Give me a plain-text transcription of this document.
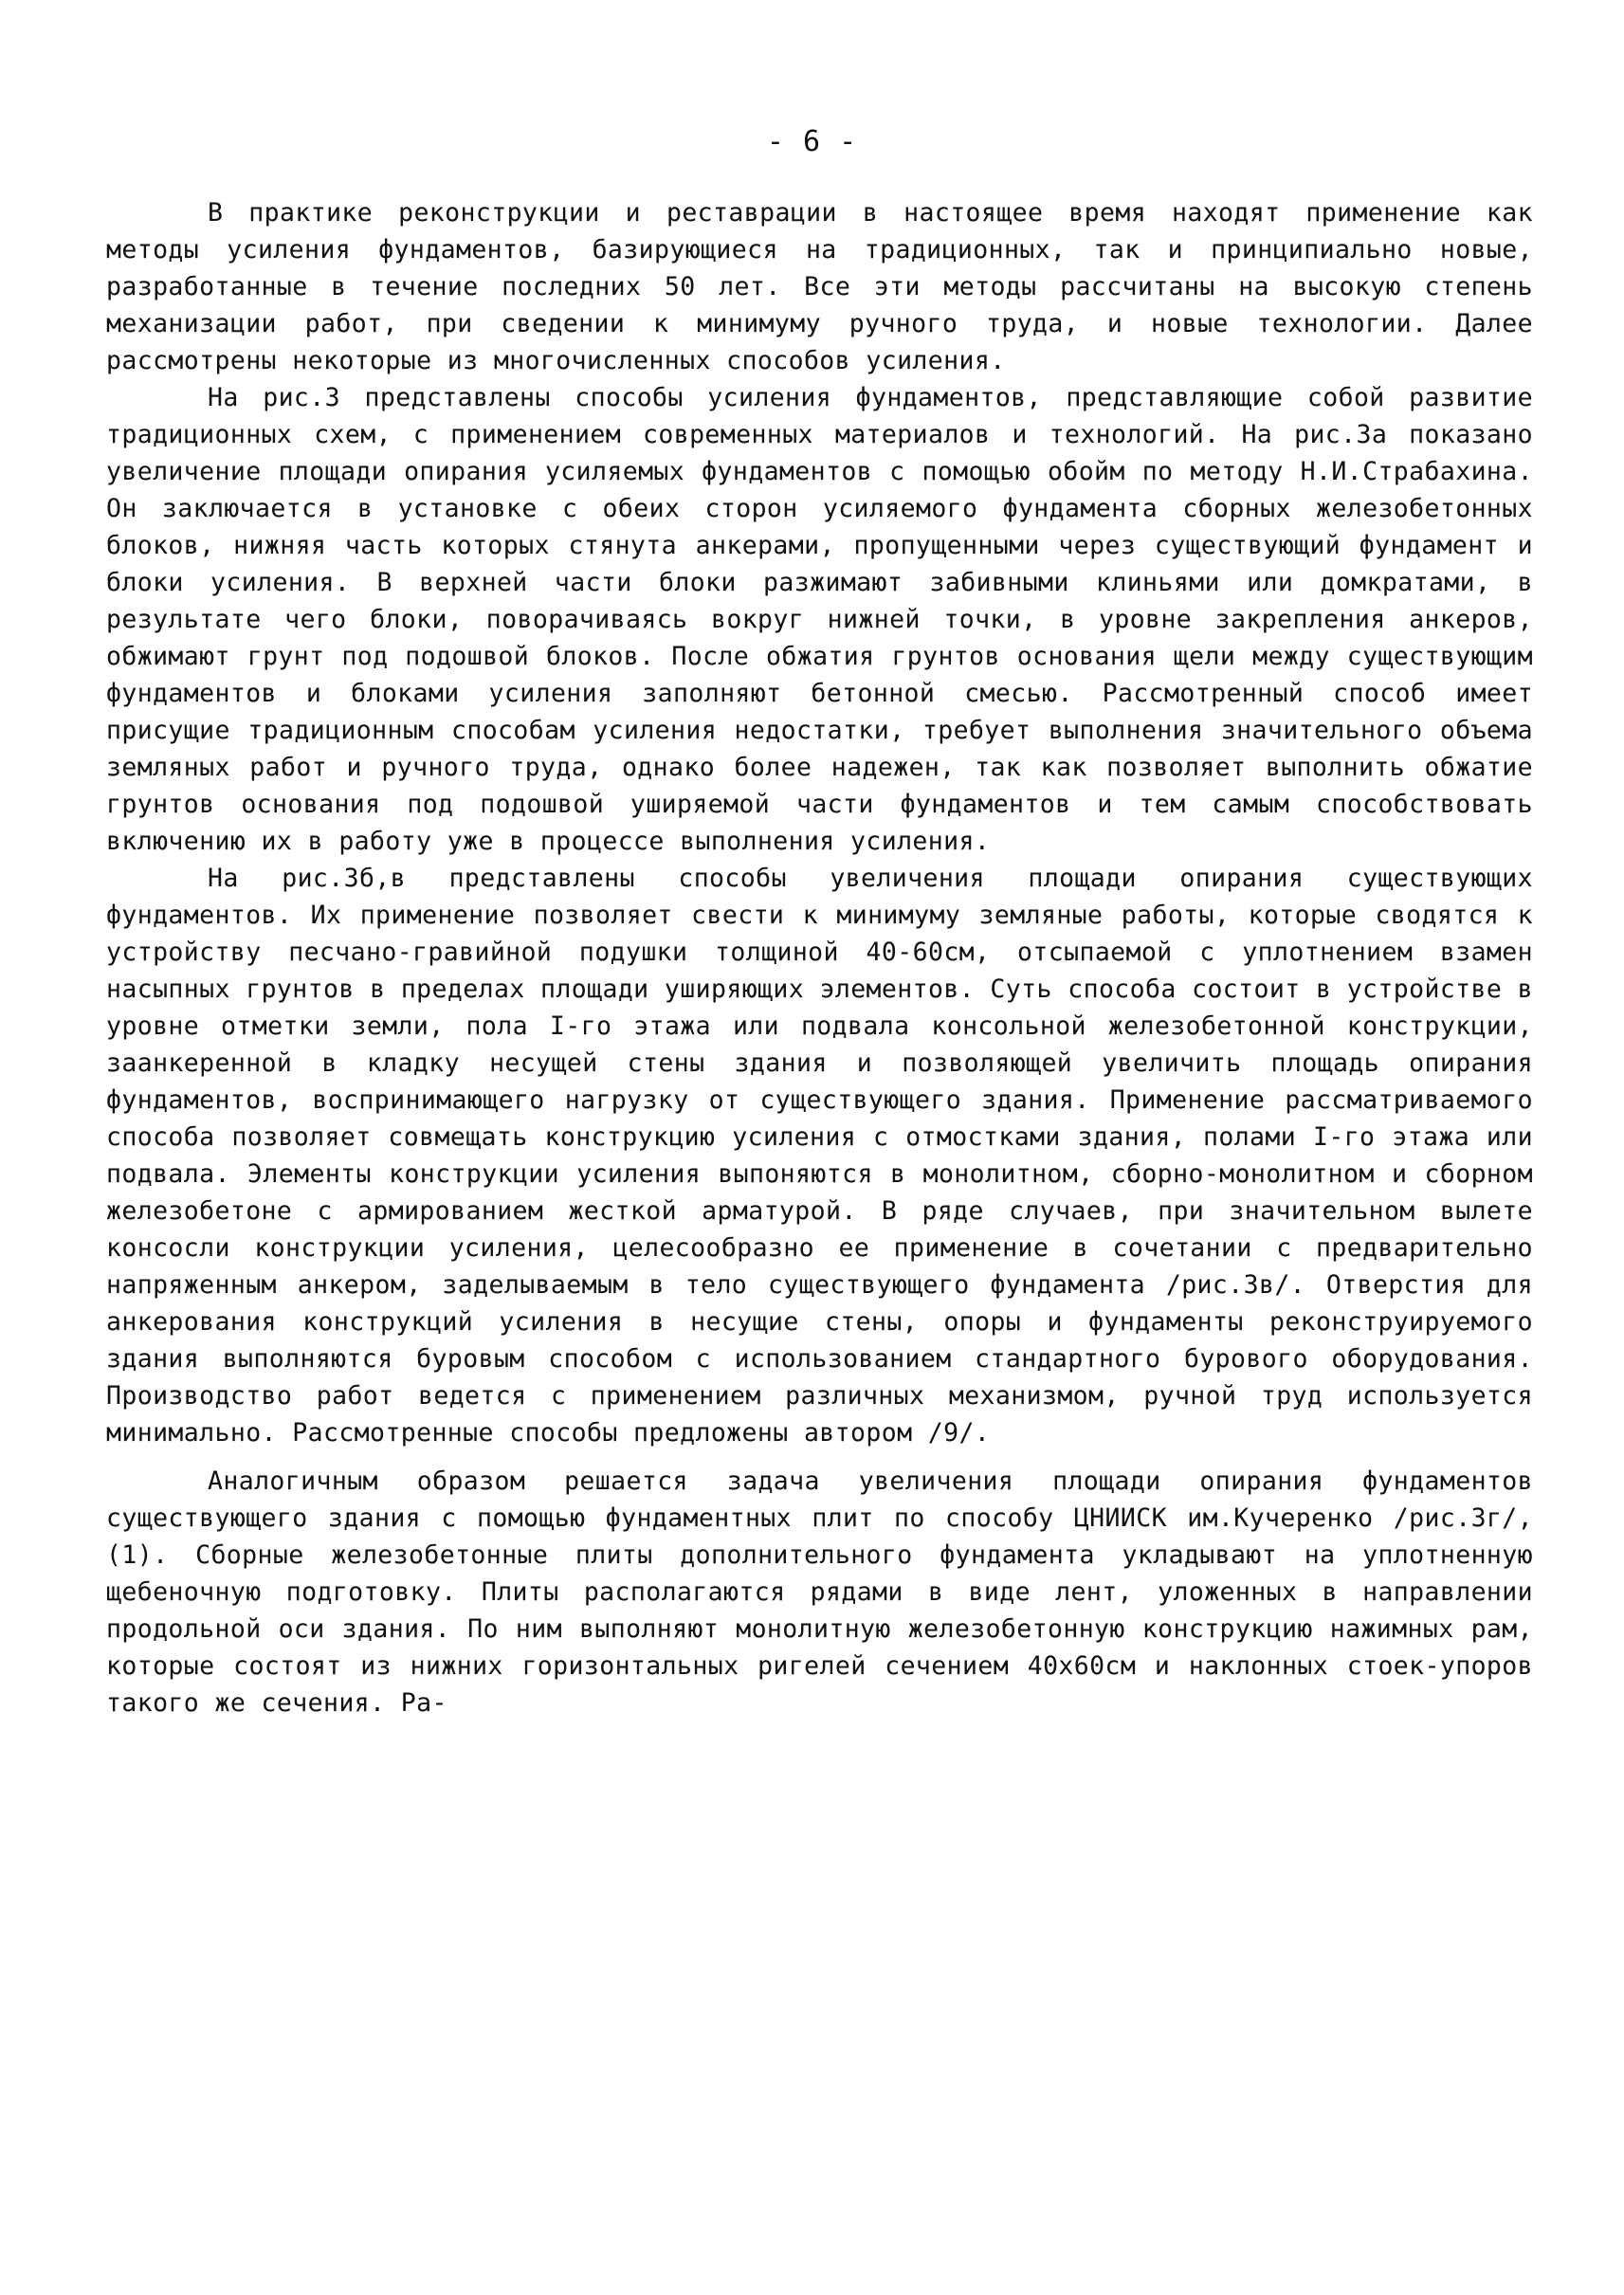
- 6 -

В практике реконструкции и реставрации в настоящее время находят применение как методы усиления фундаментов, базирующиеся на традиционных, так и принципиально новые, разработанные в течение последних 50 лет. Все эти методы рассчитаны на высокую степень механизации работ, при сведении к минимуму ручного труда, и новые технологии. Далее рассмотрены некоторые из многочисленных способов усиления.

На рис.3 представлены способы усиления фундаментов, представляющие собой развитие традиционных схем, с применением современных материалов и технологий. На рис.3а показано увеличение площади опирания усиляемых фундаментов с помощью обойм по методу Н.И.Страбахина. Он заключается в установке с обеих сторон усиляемого фундамента сборных железобетонных блоков, нижняя часть которых стянута анкерами, пропущенными через существующий фундамент и блоки усиления. В верхней части блоки разжимают забивными клиньями или домкратами, в результате чего блоки, поворачиваясь вокруг нижней точки, в уровне закрепления анкеров, обжимают грунт под подошвой блоков. После обжатия грунтов основания щели между существующим фундаментов и блоками усиления заполняют бетонной смесью. Рассмотренный способ имеет присущие традиционным способам усиления недостатки, требует выполнения значительного объема земляных работ и ручного труда, однако более надежен, так как позволяет выполнить обжатие грунтов основания под подошвой уширяемой части фундаментов и тем самым способствовать включению их в работу уже в процессе выполнения усиления.

На рис.3б,в представлены способы увеличения площади опирания существующих фундаментов. Их применение позволяет свести к минимуму земляные работы, которые сводятся к устройству песчано-гравийной подушки толщиной 40-60см, отсыпаемой с уплотнением взамен насыпных грунтов в пределах площади уширяющих элементов. Суть способа состоит в устройстве в уровне отметки земли, пола I-го этажа или подвала консольной железобетонной конструкции, заанкеренной в кладку несущей стены здания и позволяющей увеличить площадь опирания фундаментов, воспринимающего нагрузку от существующего здания. Применение рассматриваемого способа позволяет совмещать конструкцию усиления с отмостками здания, полами I-го этажа или подвала. Элементы конструкции усиления выпоняются в монолитном, сборно-монолитном и сборном железобетоне с армированием жесткой арматурой. В ряде случаев, при значительном вылете консосли конструкции усиления, целесообразно ее применение в сочетании с предварительно напряженным анкером, заделываемым в тело существующего фундамента /рис.3в/. Отверстия для анкерования конструкций усиления в несущие стены, опоры и фундаменты реконструируемого здания выполняются буровым способом с использованием стандартного бурового оборудования. Производство работ ведется с применением различных механизмом, ручной труд используется минимально. Рассмотренные способы предложены автором /9/.

Аналогичным образом решается задача увеличения площади опирания фундаментов существующего здания с помощью фундаментных плит по способу ЦНИИСК им.Кучеренко /рис.3г/,(1). Сборные железобетонные плиты дополнительного фундамента укладывают на уплотненную щебеночную подготовку. Плиты располагаются рядами в виде лент, уложенных в направлении продольной оси здания. По ним выполняют монолитную железобетонную конструкцию нажимных рам, которые состоят из нижних горизонтальных ригелей сечением 40х60см и наклонных стоек-упоров такого же сечения. Ра-
